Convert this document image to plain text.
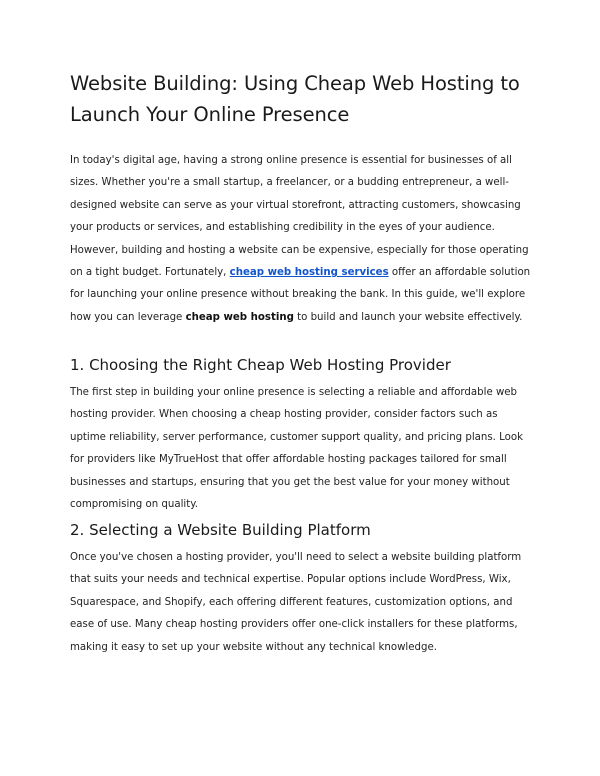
Website Building: Using Cheap Web Hosting to Launch Your Online Presence

In today's digital age, having a strong online presence is essential for businesses of all sizes. Whether you're a small startup, a freelancer, or a budding entrepreneur, a well-designed website can serve as your virtual storefront, attracting customers, showcasing your products or services, and establishing credibility in the eyes of your audience. However, building and hosting a website can be expensive, especially for those operating on a tight budget. Fortunately, cheap web hosting services offer an affordable solution for launching your online presence without breaking the bank. In this guide, we'll explore how you can leverage cheap web hosting to build and launch your website effectively.

1. Choosing the Right Cheap Web Hosting Provider

The first step in building your online presence is selecting a reliable and affordable web hosting provider. When choosing a cheap hosting provider, consider factors such as uptime reliability, server performance, customer support quality, and pricing plans. Look for providers like MyTrueHost that offer affordable hosting packages tailored for small businesses and startups, ensuring that you get the best value for your money without compromising on quality.

2. Selecting a Website Building Platform

Once you've chosen a hosting provider, you'll need to select a website building platform that suits your needs and technical expertise. Popular options include WordPress, Wix, Squarespace, and Shopify, each offering different features, customization options, and ease of use. Many cheap hosting providers offer one-click installers for these platforms, making it easy to set up your website without any technical knowledge.
